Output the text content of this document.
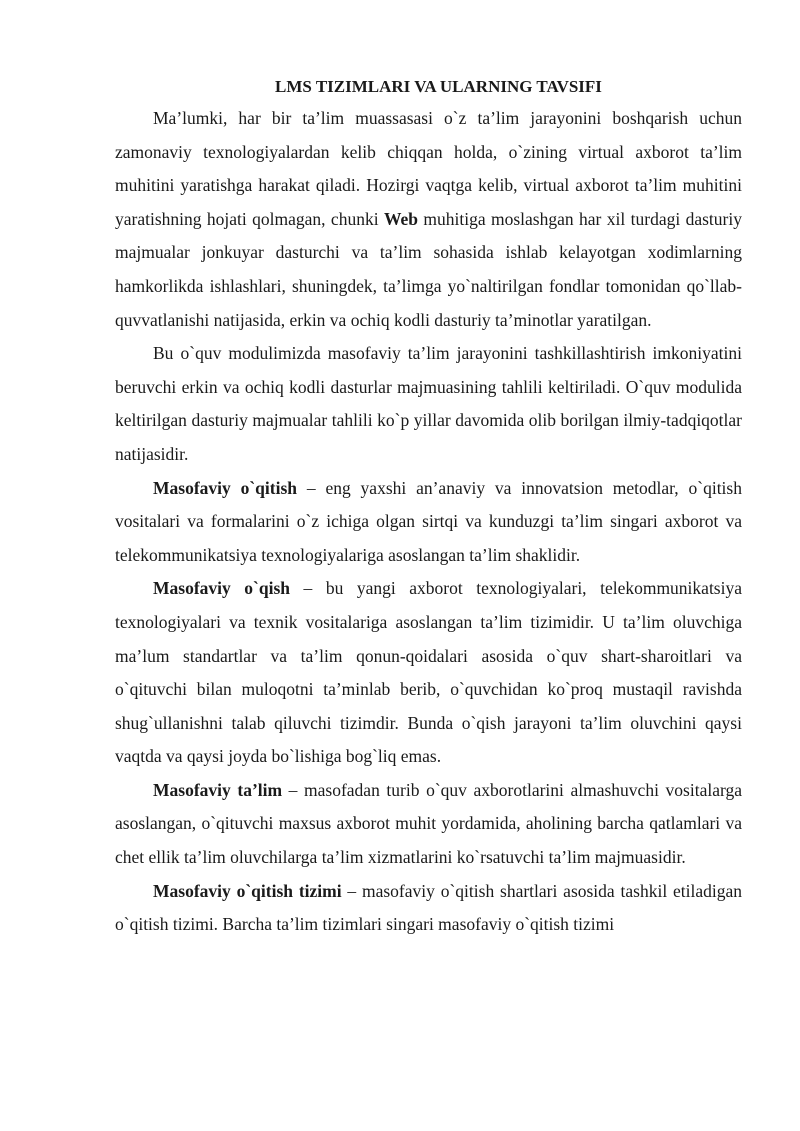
LMS TIZIMLARI VA ULARNING TAVSIFI

Ma’lumki, har bir ta’lim muassasasi o`z ta’lim jarayonini boshqarish uchun zamonaviy texnologiyalardan kelib chiqqan holda, o`zining virtual axborot ta’lim muhitini yaratishga harakat qiladi. Hozirgi vaqtga kelib, virtual axborot ta’lim muhitini yaratishning hojati qolmagan, chunki Web muhitiga moslashgan har xil turdagi dasturiy majmualar jonkuyar dasturchi va ta’lim sohasida ishlab kelayotgan xodimlarning hamkorlikda ishlashlari, shuningdek, ta’limga yo`naltirilgan fondlar tomonidan qo`llab-quvvatlanishi natijasida, erkin va ochiq kodli dasturiy ta’minotlar yaratilgan.

Bu o`quv modulimizda masofaviy ta’lim jarayonini tashkillashtirish imkoniyatini beruvchi erkin va ochiq kodli dasturlar majmuasining tahlili keltiriladi. O`quv modulida keltirilgan dasturiy majmualar tahlili ko`p yillar davomida olib borilgan ilmiy-tadqiqotlar natijasidir.

Masofaviy o`qitish – eng yaxshi an’anaviy va innovatsion metodlar, o`qitish vositalari va formalarini o`z ichiga olgan sirtqi va kunduzgi ta’lim singari axborot va telekommunikatsiya texnologiyalariga asoslangan ta’lim shaklidir.

Masofaviy o`qish – bu yangi axborot texnologiyalari, telekommunikatsiya texnologiyalari va texnik vositalariga asoslangan ta’lim tizimidir. U ta’lim oluvchiga ma’lum standartlar va ta’lim qonun-qoidalari asosida o`quv shart-sharoitlari va o`qituvchi bilan muloqotni ta’minlab berib, o`quvchidan ko`proq mustaqil ravishda shug`ullanishni talab qiluvchi tizimdir. Bunda o`qish jarayoni ta’lim oluvchini qaysi vaqtda va qaysi joyda bo`lishiga bog`liq emas.

Masofaviy ta’lim – masofadan turib o`quv axborotlarini almashuvchi vositalarga asoslangan, o`qituvchi maxsus axborot muhit yordamida, aholining barcha qatlamlari va chet ellik ta’lim oluvchilarga ta’lim xizmatlarini ko`rsatuvchi ta’lim majmuasidir.

Masofaviy o`qitish tizimi – masofaviy o`qitish shartlari asosida tashkil etiladigan o`qitish tizimi. Barcha ta’lim tizimlari singari masofaviy o`qitish tizimi
